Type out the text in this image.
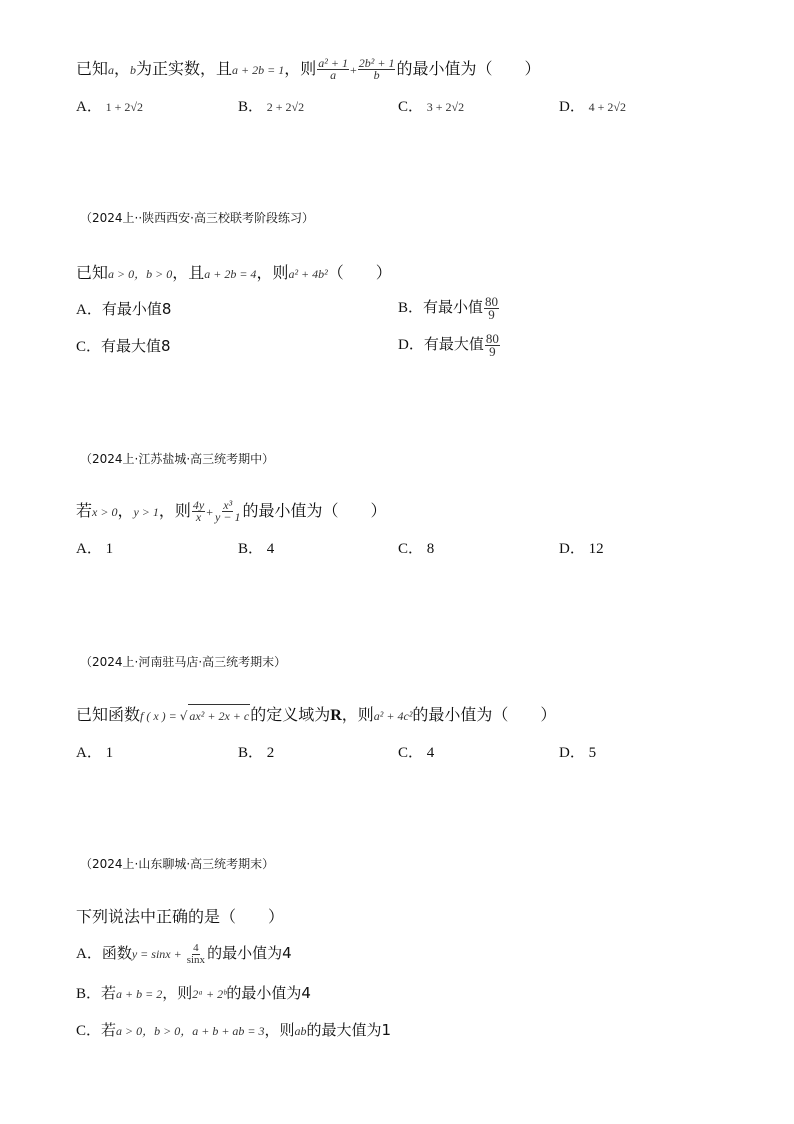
已知a，b为正实数，且a + 2b = 1，则 $\frac{\text{a² + 1}}{a} + \frac{\text{2b² + 1}}{b}$ 的最小值为（　　）
A． 1 + 2√2	B． 2 + 2√2	C． 3 + 2√2	D． 4 + 2√2
（2024上··陕西西安·高三校联考阶段练习）
已知a > 0，b > 0，且a + 2b = 4，则a² + 4b²（　　）
A．有最小值8	B．有最小值 $\frac{80}{9}$
C．有最大值8	D．有最大值 $\frac{80}{9}$
（2024上·江苏盐城·高三统考期中）
若x > 0，y > 1，则 $\frac{4y}{x} + \frac{\text{x³}}{y - 1}$ 的最小值为（　　）
A． 1	B． 4	C． 8	D． 12
（2024上·河南驻马店·高三统考期末）
已知函数f ( x ) = √ ax² + 2x + c的定义域为R，则a² + 4c²的最小值为（　　）
A． 1	B． 2	C． 4	D． 5
（2024上·山东聊城·高三统考期末）
下列说法中正确的是（　　）
A．函数$y = \sin x + \frac{4}{\sin x}$ 的最小值为4
B．若a + b = 2，则2ᵃ + 2ᵇ的最小值为4
C．若a > 0，b > 0，a + b + ab = 3，则ab的最大值为1
